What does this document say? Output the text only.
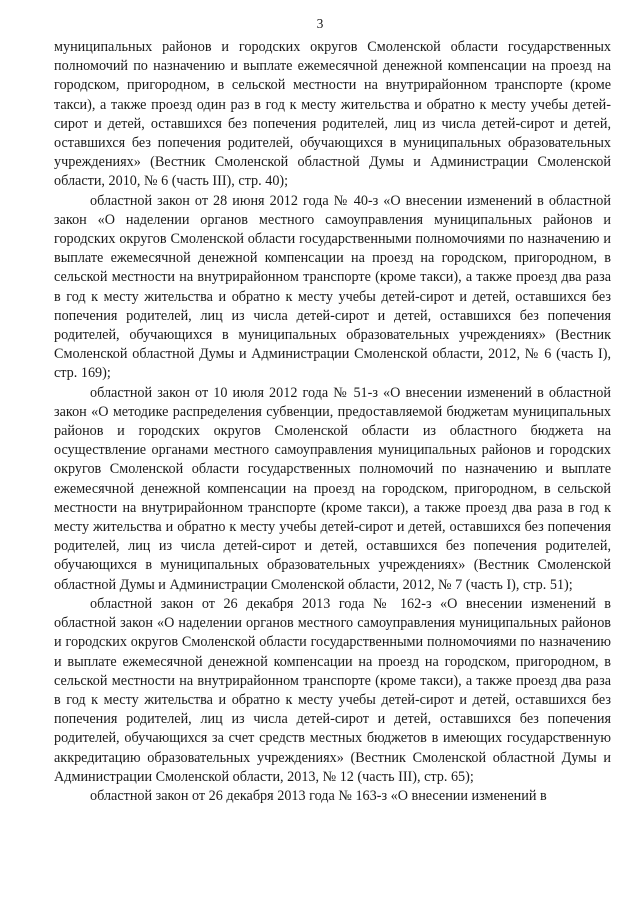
3

муниципальных районов и городских округов Смоленской области государственных полномочий по назначению и выплате ежемесячной денежной компенсации на проезд на городском, пригородном, в сельской местности на внутрирайонном транспорте (кроме такси), а также проезд один раз в год к месту жительства и обратно к месту учебы детей-сирот и детей, оставшихся без попечения родителей, лиц из числа детей-сирот и детей, оставшихся без попечения родителей, обучающихся в муниципальных образовательных учреждениях» (Вестник Смоленской областной Думы и Администрации Смоленской области, 2010, № 6 (часть III), стр. 40);

областной закон от 28 июня 2012 года № 40-з «О внесении изменений в областной закон «О наделении органов местного самоуправления муниципальных районов и городских округов Смоленской области государственными полномочиями по назначению и выплате ежемесячной денежной компенсации на проезд на городском, пригородном, в сельской местности на внутрирайонном транспорте (кроме такси), а также проезд два раза в год к месту жительства и обратно к месту учебы детей-сирот и детей, оставшихся без попечения родителей, лиц из числа детей-сирот и детей, оставшихся без попечения родителей, обучающихся в муниципальных образовательных учреждениях» (Вестник Смоленской областной Думы и Администрации Смоленской области, 2012, № 6 (часть I), стр. 169);

областной закон от 10 июля 2012 года № 51-з «О внесении изменений в областной закон «О методике распределения субвенции, предоставляемой бюджетам муниципальных районов и городских округов Смоленской области из областного бюджета на осуществление органами местного самоуправления муниципальных районов и городских округов Смоленской области государственных полномочий по назначению и выплате ежемесячной денежной компенсации на проезд на городском, пригородном, в сельской местности на внутрирайонном транспорте (кроме такси), а также проезд два раза в год к месту жительства и обратно к месту учебы детей-сирот и детей, оставшихся без попечения родителей, лиц из числа детей-сирот и детей, оставшихся без попечения родителей, обучающихся в муниципальных образовательных учреждениях» (Вестник Смоленской областной Думы и Администрации Смоленской области, 2012, № 7 (часть I), стр. 51);

областной закон от 26 декабря 2013 года № 162-з «О внесении изменений в областной закон «О наделении органов местного самоуправления муниципальных районов и городских округов Смоленской области государственными полномочиями по назначению и выплате ежемесячной денежной компенсации на проезд на городском, пригородном, в сельской местности на внутрирайонном транспорте (кроме такси), а также проезд два раза в год к месту жительства и обратно к месту учебы детей-сирот и детей, оставшихся без попечения родителей, лиц из числа детей-сирот и детей, оставшихся без попечения родителей, обучающихся за счет средств местных бюджетов в имеющих государственную аккредитацию образовательных учреждениях» (Вестник Смоленской областной Думы и Администрации Смоленской области, 2013, № 12 (часть III), стр. 65);

областной закон от 26 декабря 2013 года № 163-з «О внесении изменений в
